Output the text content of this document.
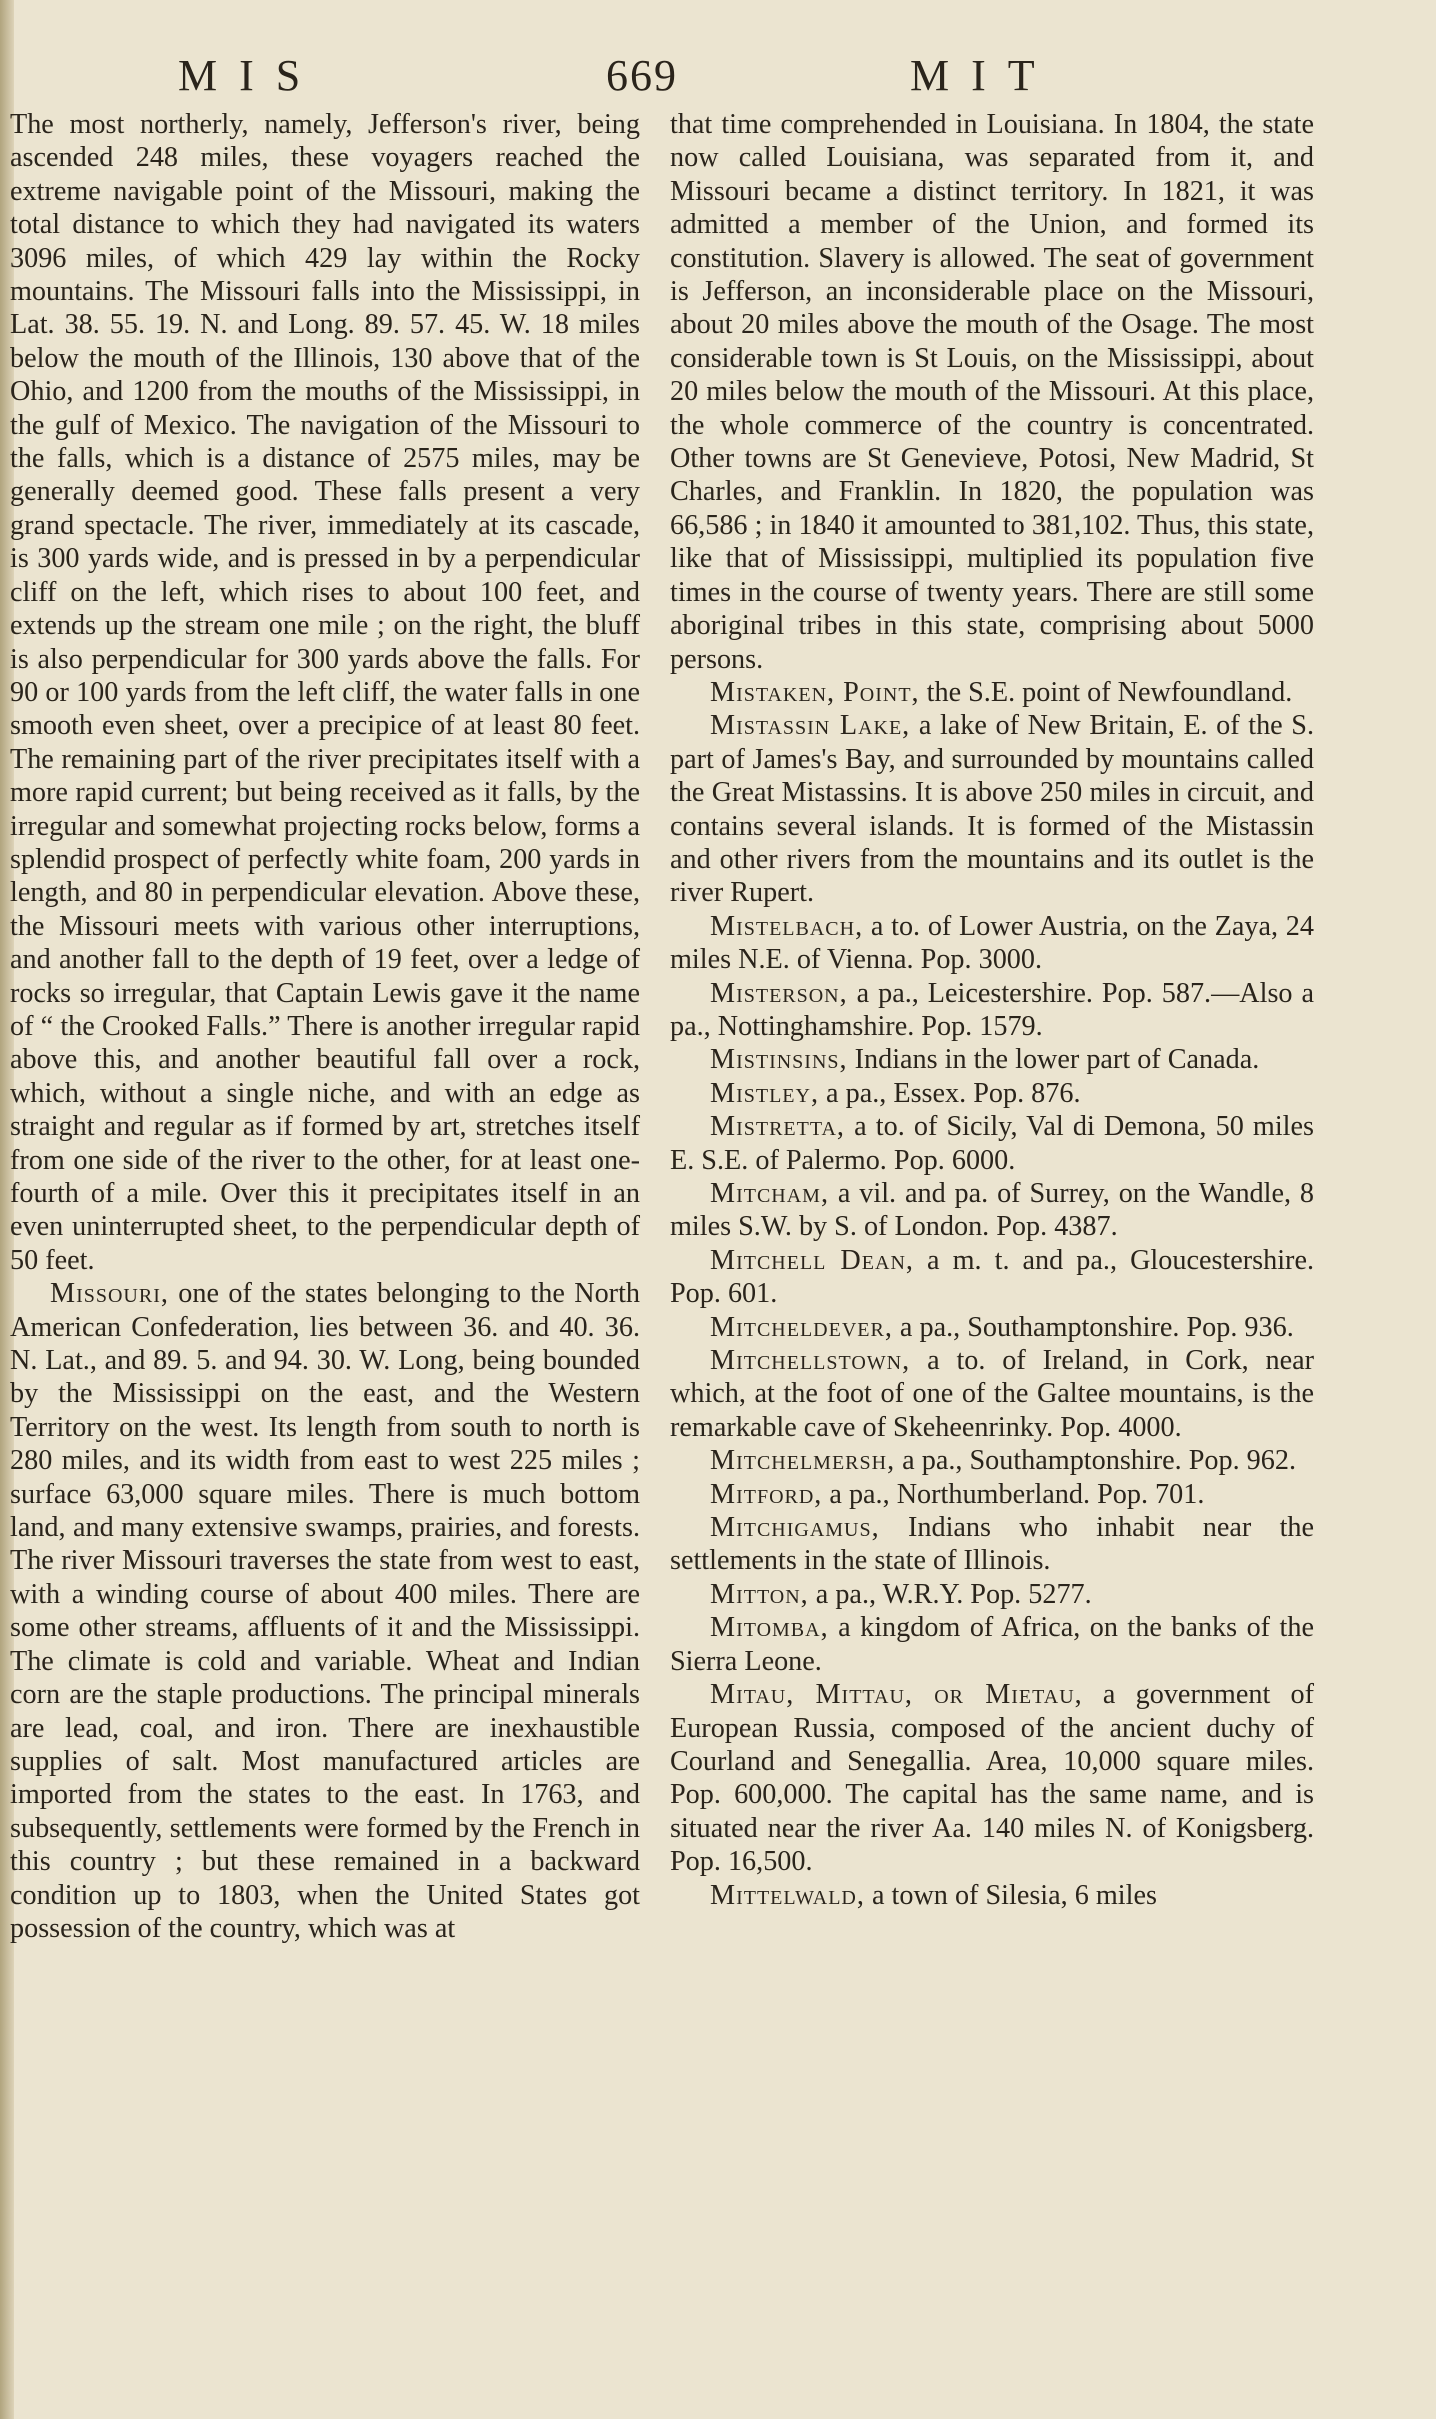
MIS	669	MIT

The most northerly, namely, Jefferson's river, being ascended 248 miles, these voyagers reached the extreme navigable point of the Missouri, making the total distance to which they had navigated its waters 3096 miles, of which 429 lay within the Rocky mountains. The Missouri falls into the Mississippi, in Lat. 38. 55. 19. N. and Long. 89. 57. 45. W. 18 miles below the mouth of the Illinois, 130 above that of the Ohio, and 1200 from the mouths of the Mississippi, in the gulf of Mexico. The navigation of the Missouri to the falls, which is a distance of 2575 miles, may be generally deemed good. These falls present a very grand spectacle. The river, immediately at its cascade, is 300 yards wide, and is pressed in by a perpendicular cliff on the left, which rises to about 100 feet, and extends up the stream one mile ; on the right, the bluff is also perpendicular for 300 yards above the falls. For 90 or 100 yards from the left cliff, the water falls in one smooth even sheet, over a precipice of at least 80 feet. The remaining part of the river precipitates itself with a more rapid current; but being received as it falls, by the irregular and somewhat projecting rocks below, forms a splendid prospect of perfectly white foam, 200 yards in length, and 80 in perpendicular elevation. Above these, the Missouri meets with various other interruptions, and another fall to the depth of 19 feet, over a ledge of rocks so irregular, that Captain Lewis gave it the name of “ the Crooked Falls.” There is another irregular rapid above this, and another beautiful fall over a rock, which, without a single niche, and with an edge as straight and regular as if formed by art, stretches itself from one side of the river to the other, for at least one-fourth of a mile. Over this it precipitates itself in an even uninterrupted sheet, to the perpendicular depth of 50 feet.

Missouri, one of the states belonging to the North American Confederation, lies between 36. and 40. 36. N. Lat., and 89. 5. and 94. 30. W. Long, being bounded by the Mississippi on the east, and the Western Territory on the west. Its length from south to north is 280 miles, and its width from east to west 225 miles ; surface 63,000 square miles. There is much bottom land, and many extensive swamps, prairies, and forests. The river Missouri traverses the state from west to east, with a winding course of about 400 miles. There are some other streams, affluents of it and the Mississippi. The climate is cold and variable. Wheat and Indian corn are the staple productions. The principal minerals are lead, coal, and iron. There are inexhaustible supplies of salt. Most manufactured articles are imported from the states to the east. In 1763, and subsequently, settlements were formed by the French in this country ; but these remained in a backward condition up to 1803, when the United States got possession of the country, which was at

that time comprehended in Louisiana. In 1804, the state now called Louisiana, was separated from it, and Missouri became a distinct territory. In 1821, it was admitted a member of the Union, and formed its constitution. Slavery is allowed. The seat of government is Jefferson, an inconsiderable place on the Missouri, about 20 miles above the mouth of the Osage. The most considerable town is St Louis, on the Mississippi, about 20 miles below the mouth of the Missouri. At this place, the whole commerce of the country is concentrated. Other towns are St Genevieve, Potosi, New Madrid, St Charles, and Franklin. In 1820, the population was 66,586 ; in 1840 it amounted to 381,102. Thus, this state, like that of Mississippi, multiplied its population five times in the course of twenty years. There are still some aboriginal tribes in this state, comprising about 5000 persons.

Mistaken, Point, the S.E. point of Newfoundland.

Mistassin Lake, a lake of New Britain, E. of the S. part of James's Bay, and surrounded by mountains called the Great Mistassins. It is above 250 miles in circuit, and contains several islands. It is formed of the Mistassin and other rivers from the mountains and its outlet is the river Rupert.

Mistelbach, a to. of Lower Austria, on the Zaya, 24 miles N.E. of Vienna. Pop. 3000.

Misterson, a pa., Leicestershire. Pop. 587.—Also a pa., Nottinghamshire. Pop. 1579.

Mistinsins, Indians in the lower part of Canada.

Mistley, a pa., Essex. Pop. 876.

Mistretta, a to. of Sicily, Val di Demona, 50 miles E. S.E. of Palermo. Pop. 6000.

Mitcham, a vil. and pa. of Surrey, on the Wandle, 8 miles S.W. by S. of London. Pop. 4387.

Mitchell Dean, a m. t. and pa., Gloucestershire. Pop. 601.

Mitcheldever, a pa., Southamptonshire. Pop. 936.

Mitchellstown, a to. of Ireland, in Cork, near which, at the foot of one of the Galtee mountains, is the remarkable cave of Skeheenrinky. Pop. 4000.

Mitchelmersh, a pa., Southamptonshire. Pop. 962.

Mitford, a pa., Northumberland. Pop. 701.

Mitchigamus, Indians who inhabit near the settlements in the state of Illinois.

Mitton, a pa., W.R.Y. Pop. 5277.

Mitomba, a kingdom of Africa, on the banks of the Sierra Leone.

Mitau, Mittau, or Mietau, a government of European Russia, composed of the ancient duchy of Courland and Senegallia. Area, 10,000 square miles. Pop. 600,000. The capital has the same name, and is situated near the river Aa. 140 miles N. of Konigsberg. Pop. 16,500.

Mittelwald, a town of Silesia, 6 miles
